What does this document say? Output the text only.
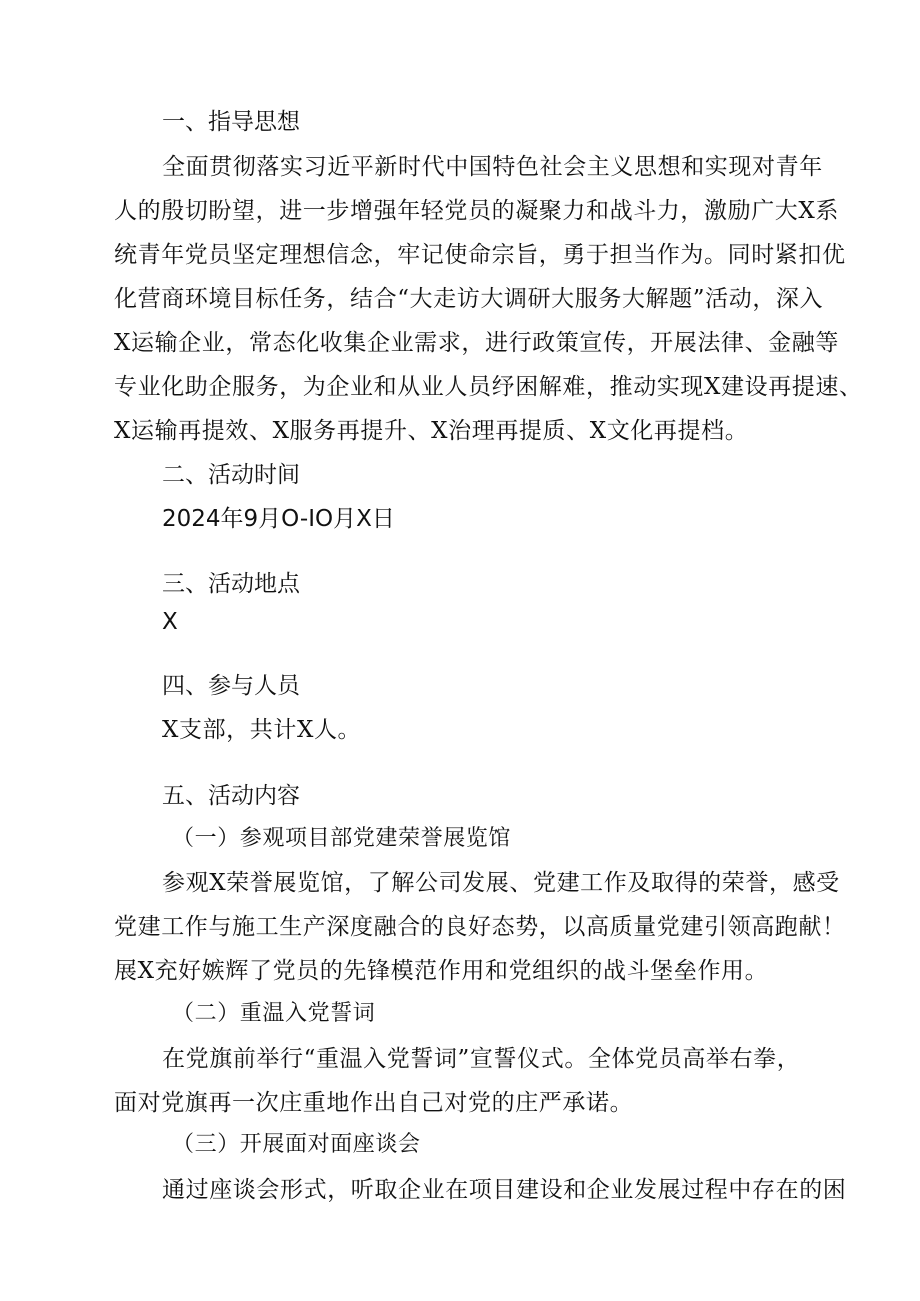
一、指导思想
全面贯彻落实习近平新时代中国特色社会主义思想和实现对青年
人的殷切盼望，进一步增强年轻党员的凝聚力和战斗力，激励广大X系
统青年党员坚定理想信念，牢记使命宗旨，勇于担当作为。同时紧扣优
化营商环境目标任务，结合“大走访大调研大服务大解题”活动，深入
X运输企业，常态化收集企业需求，进行政策宣传，开展法律、金融等
专业化助企服务，为企业和从业人员纾困解难，推动实现X建设再提速、
X运输再提效、X服务再提升、X治理再提质、X文化再提档。
二、活动时间
2024年9月O-IO月X日
三、活动地点
X
四、参与人员
X支部，共计X人。
五、活动内容
（一）参观项目部党建荣誉展览馆
参观X荣誉展览馆，了解公司发展、党建工作及取得的荣誉，感受
党建工作与施工生产深度融合的良好态势，以高质量党建引领高跑献！
展X充好嫉辉了党员的先锋模范作用和党组织的战斗堡垒作用。
（二）重温入党誓词
在党旗前举行“重温入党誓词”宣誓仪式。全体党员高举右拳，
面对党旗再一次庄重地作出自己对党的庄严承诺。
（三）开展面对面座谈会
通过座谈会形式，听取企业在项目建设和企业发展过程中存在的困
